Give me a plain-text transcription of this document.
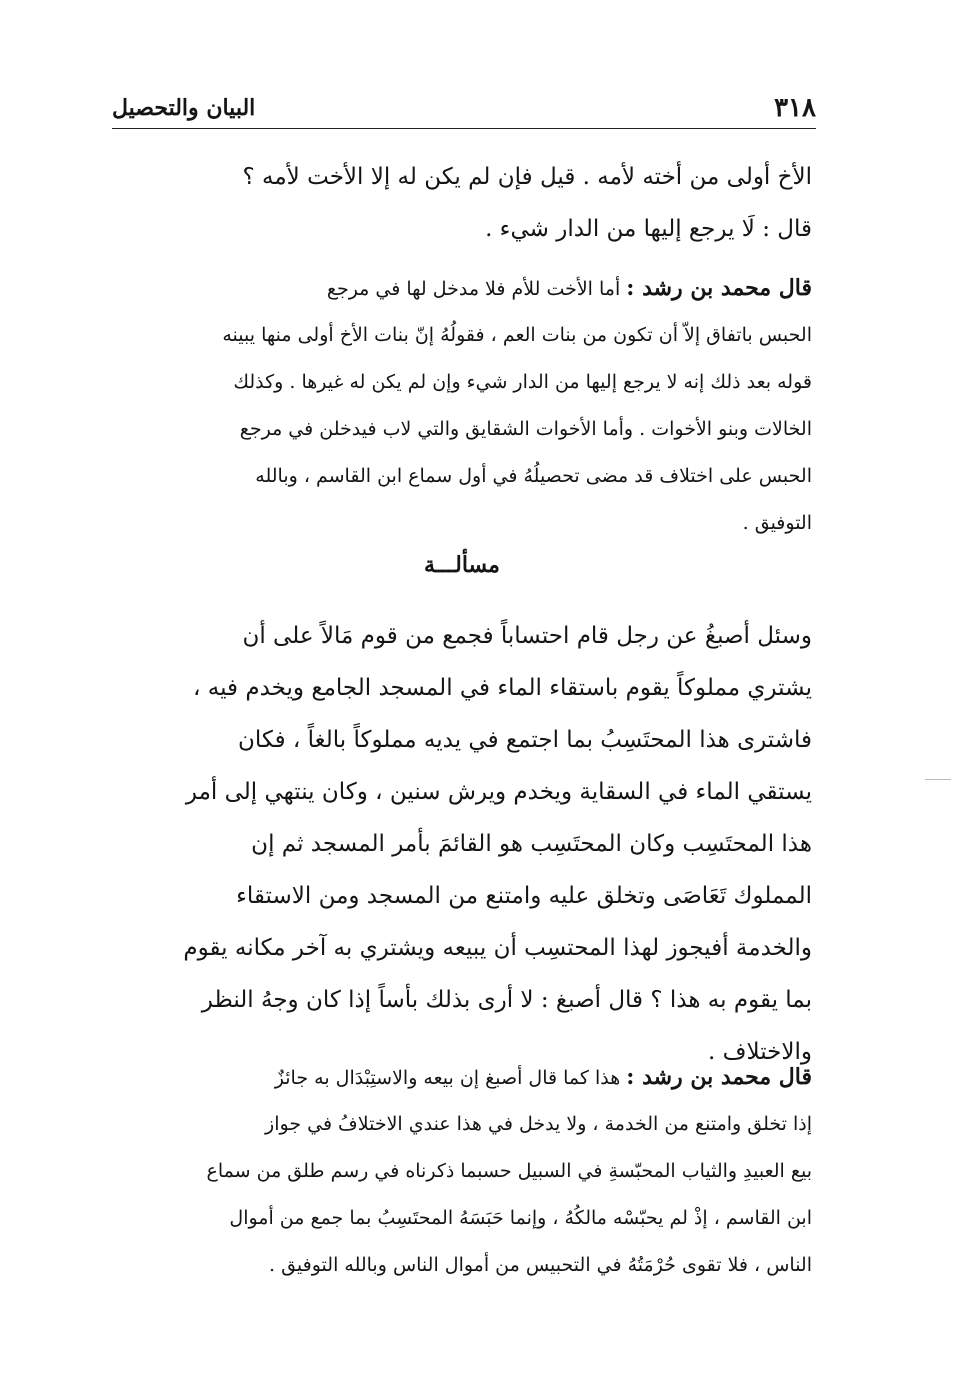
٣١٨
البيان والتحصيل
الأخ أولى من أخته لأمه . قيل فإن لم يكن له إلا الأخت لأمه ؟
قال : لَا يرجع إليها من الدار شيء .
قال محمد بن رشد : أما الأخت للأم فلا مدخل لها في مرجع
الحبس باتفاق إلاّ أن تكون من بنات العم ، فقولُهُ إنّ بنات الأخ أولى منها يبينه
قوله بعد ذلك إنه لا يرجع إليها من الدار شيء وإن لم يكن له غيرها . وكذلك
الخالات وبنو الأخوات . وأما الأخوات الشقايق والتي لاب فيدخلن في مرجع
الحبس على اختلاف قد مضى تحصيلُهُ في أول سماع ابن القاسم ، وبالله
التوفيق .
مسألـــة
وسئل أصبغُ عن رجل قام احتساباً فجمع من قوم مَالاً على أن
يشتري مملوكاً يقوم باستقاء الماء في المسجد الجامع ويخدم فيه ،
فاشترى هذا المحتَسِبُ بما اجتمع في يديه مملوكاً بالغاً ، فكان
يستقي الماء في السقاية ويخدم ويرش سنين ، وكان ينتهي إلى أمر
هذا المحتَسِب وكان المحتَسِب هو القائمَ بأمر المسجد ثم إن
المملوك تَعَاصَى وتخلق عليه وامتنع من المسجد ومن الاستقاء
والخدمة أفيجوز لهذا المحتسِب أن يبيعه ويشتري به آخر مكانه يقوم
بما يقوم به هذا ؟ قال أصبغ : لا أرى بذلك بأساً إذا كان وجهُ النظر
والاختلاف .
قال محمد بن رشد : هذا كما قال أصبغ إن بيعه والاستِبْدَال به جائزٌ
إذا تخلق وامتنع من الخدمة ، ولا يدخل في هذا عندي الاختلافُ في جواز
بيع العبيدِ والثياب المحبّسةِ في السبيل حسبما ذكرناه في رسم طلق من سماع
ابن القاسم ، إذْ لم يحبّسْه مالكُهُ ، وإنما حَبَسَهُ المحتَسِبُ بما جمع من أموال
الناس ، فلا تقوى حُرْمَتُهُ في التحبيس من أموال الناس وبالله التوفيق .
